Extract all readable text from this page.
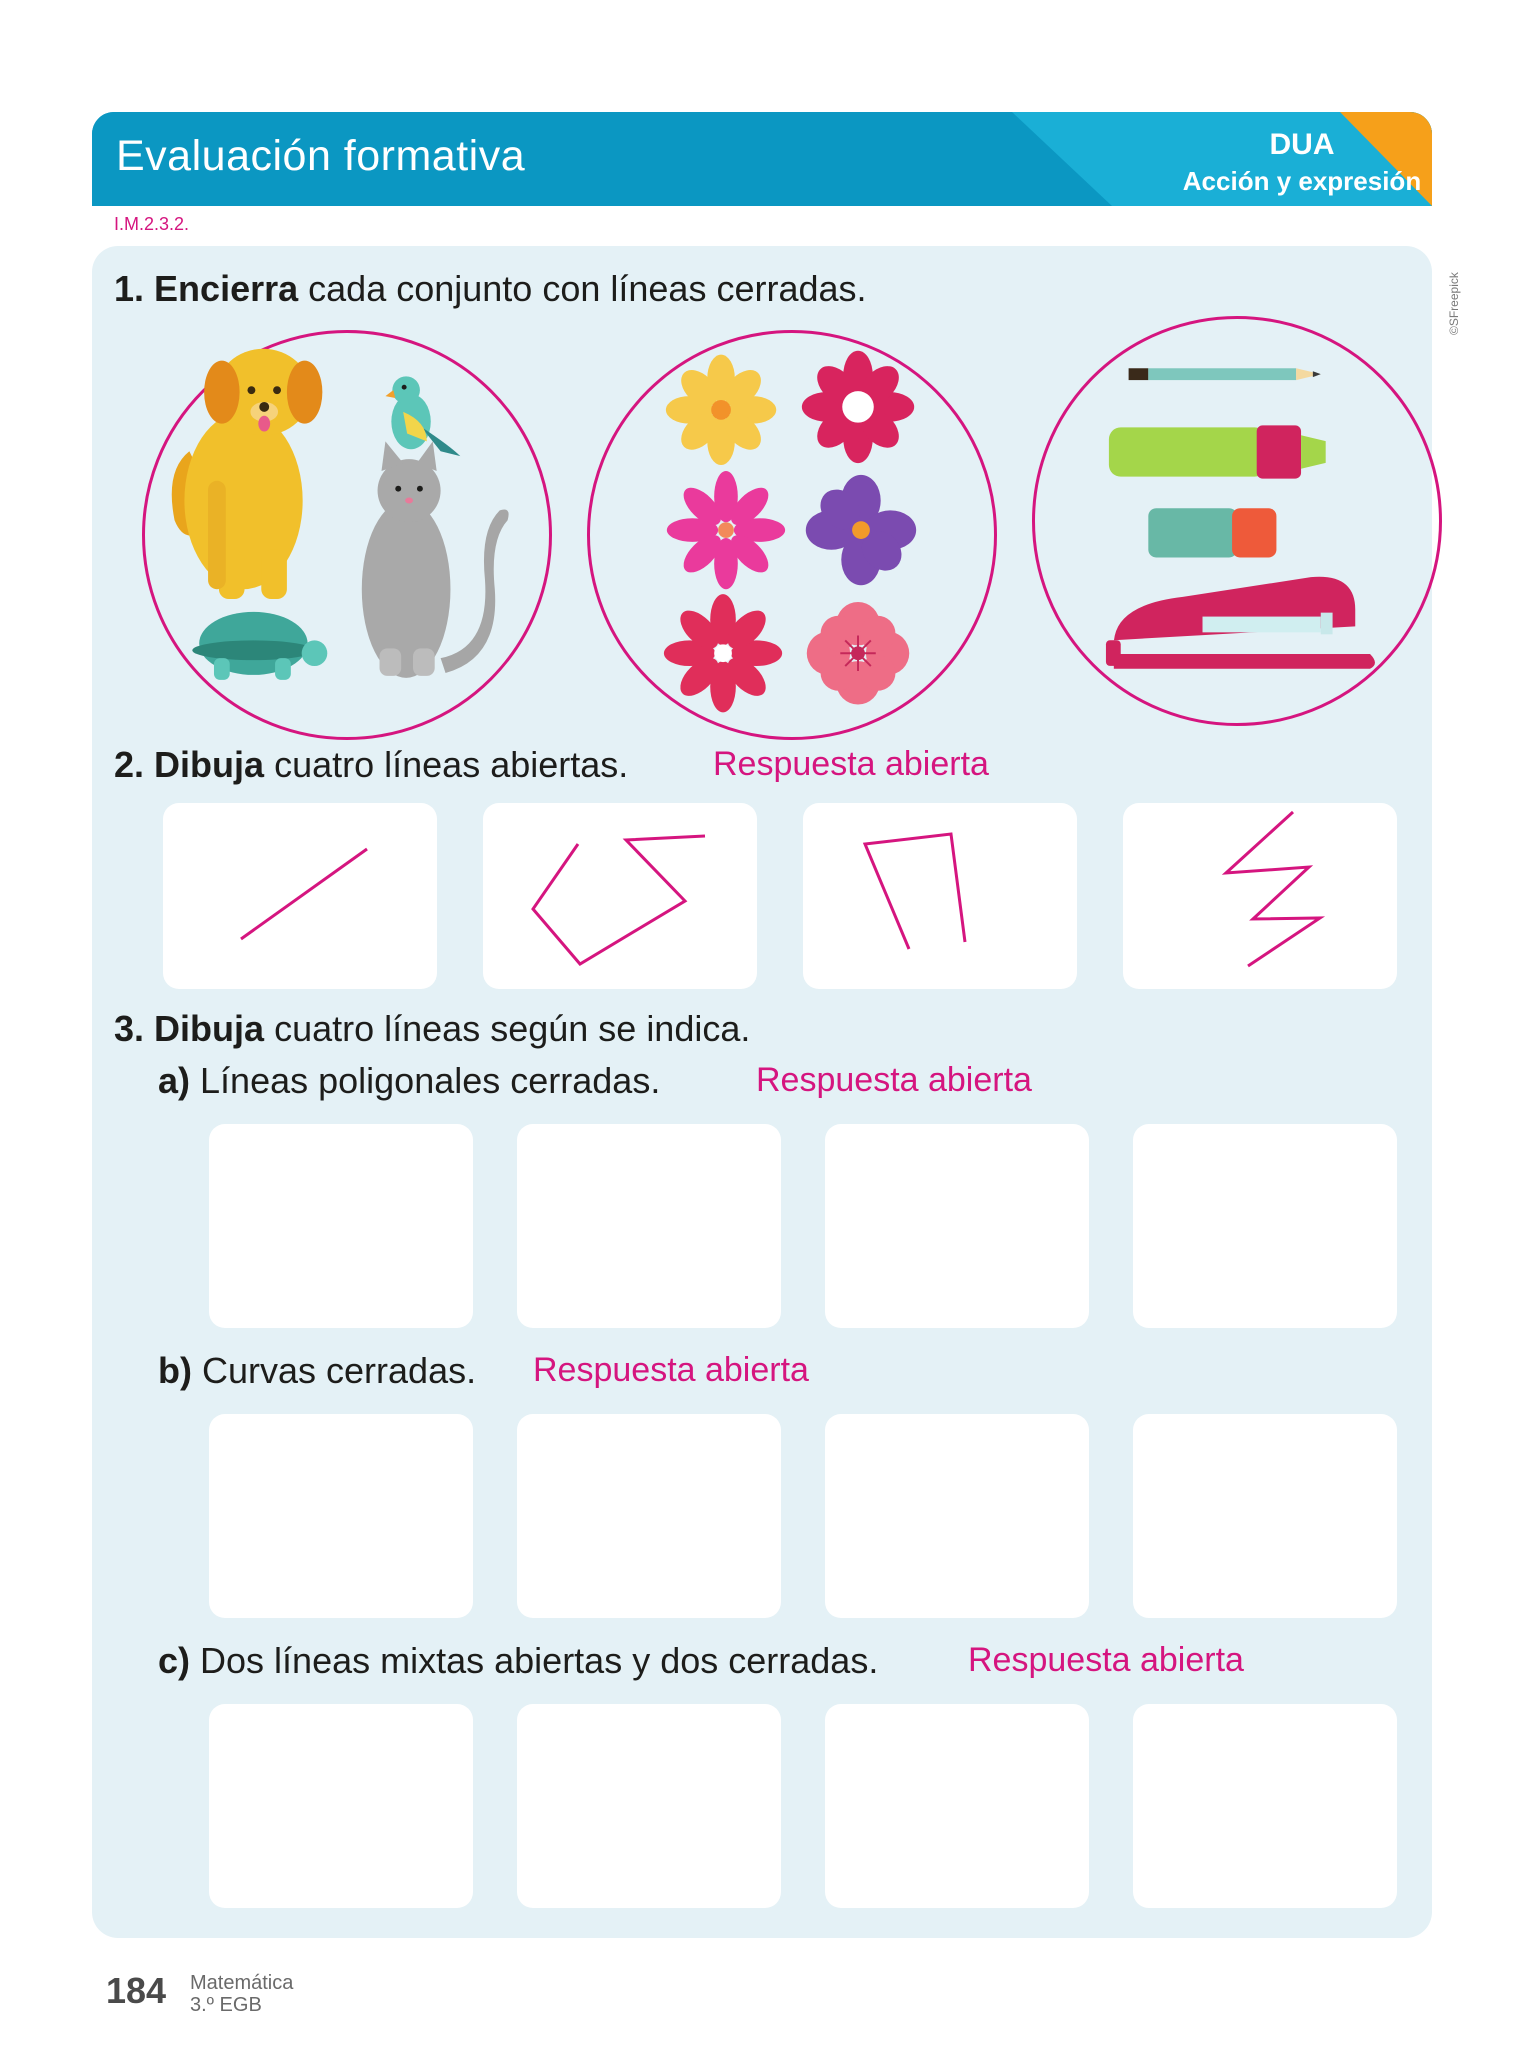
Evaluación formativa	DUA
Acción y expresión
I.M.2.3.2.
©SFreepick
1. Encierra cada conjunto con líneas cerradas.
2. Dibuja cuatro líneas abiertas. Respuesta abierta
3. Dibuja cuatro líneas según se indica.
a) Líneas poligonales cerradas.	Respuesta abierta
b) Curvas cerradas. Respuesta abierta
c) Dos líneas mixtas abiertas y dos cerradas.	Respuesta abierta
184 Matemática
3.º EGB
